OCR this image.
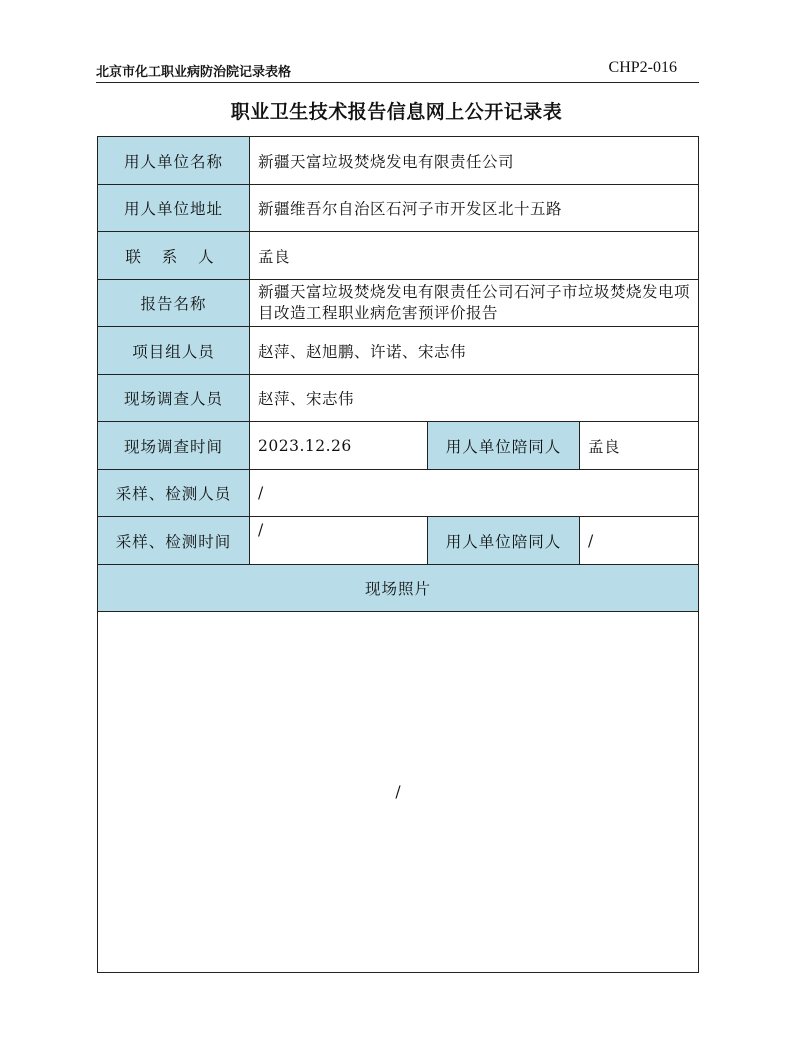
北京市化工职业病防治院记录表格	CHP2-016
职业卫生技术报告信息网上公开记录表
用人单位名称	新疆天富垃圾焚烧发电有限责任公司		
用人单位地址	新疆维吾尔自治区石河子市开发区北十五路		
联 系 人	孟良		
报告名称	新疆天富垃圾焚烧发电有限责任公司石河子市垃圾焚烧发电项目改造工程职业病危害预评价报告		
项目组人员	赵萍、赵旭鹏、许诺、宋志伟		
现场调查人员	赵萍、宋志伟		
现场调查时间	2023.12.26	用人单位陪同人	孟良
采样、检测人员	/		
采样、检测时间	/	用人单位陪同人	/
现场照片			
/			
